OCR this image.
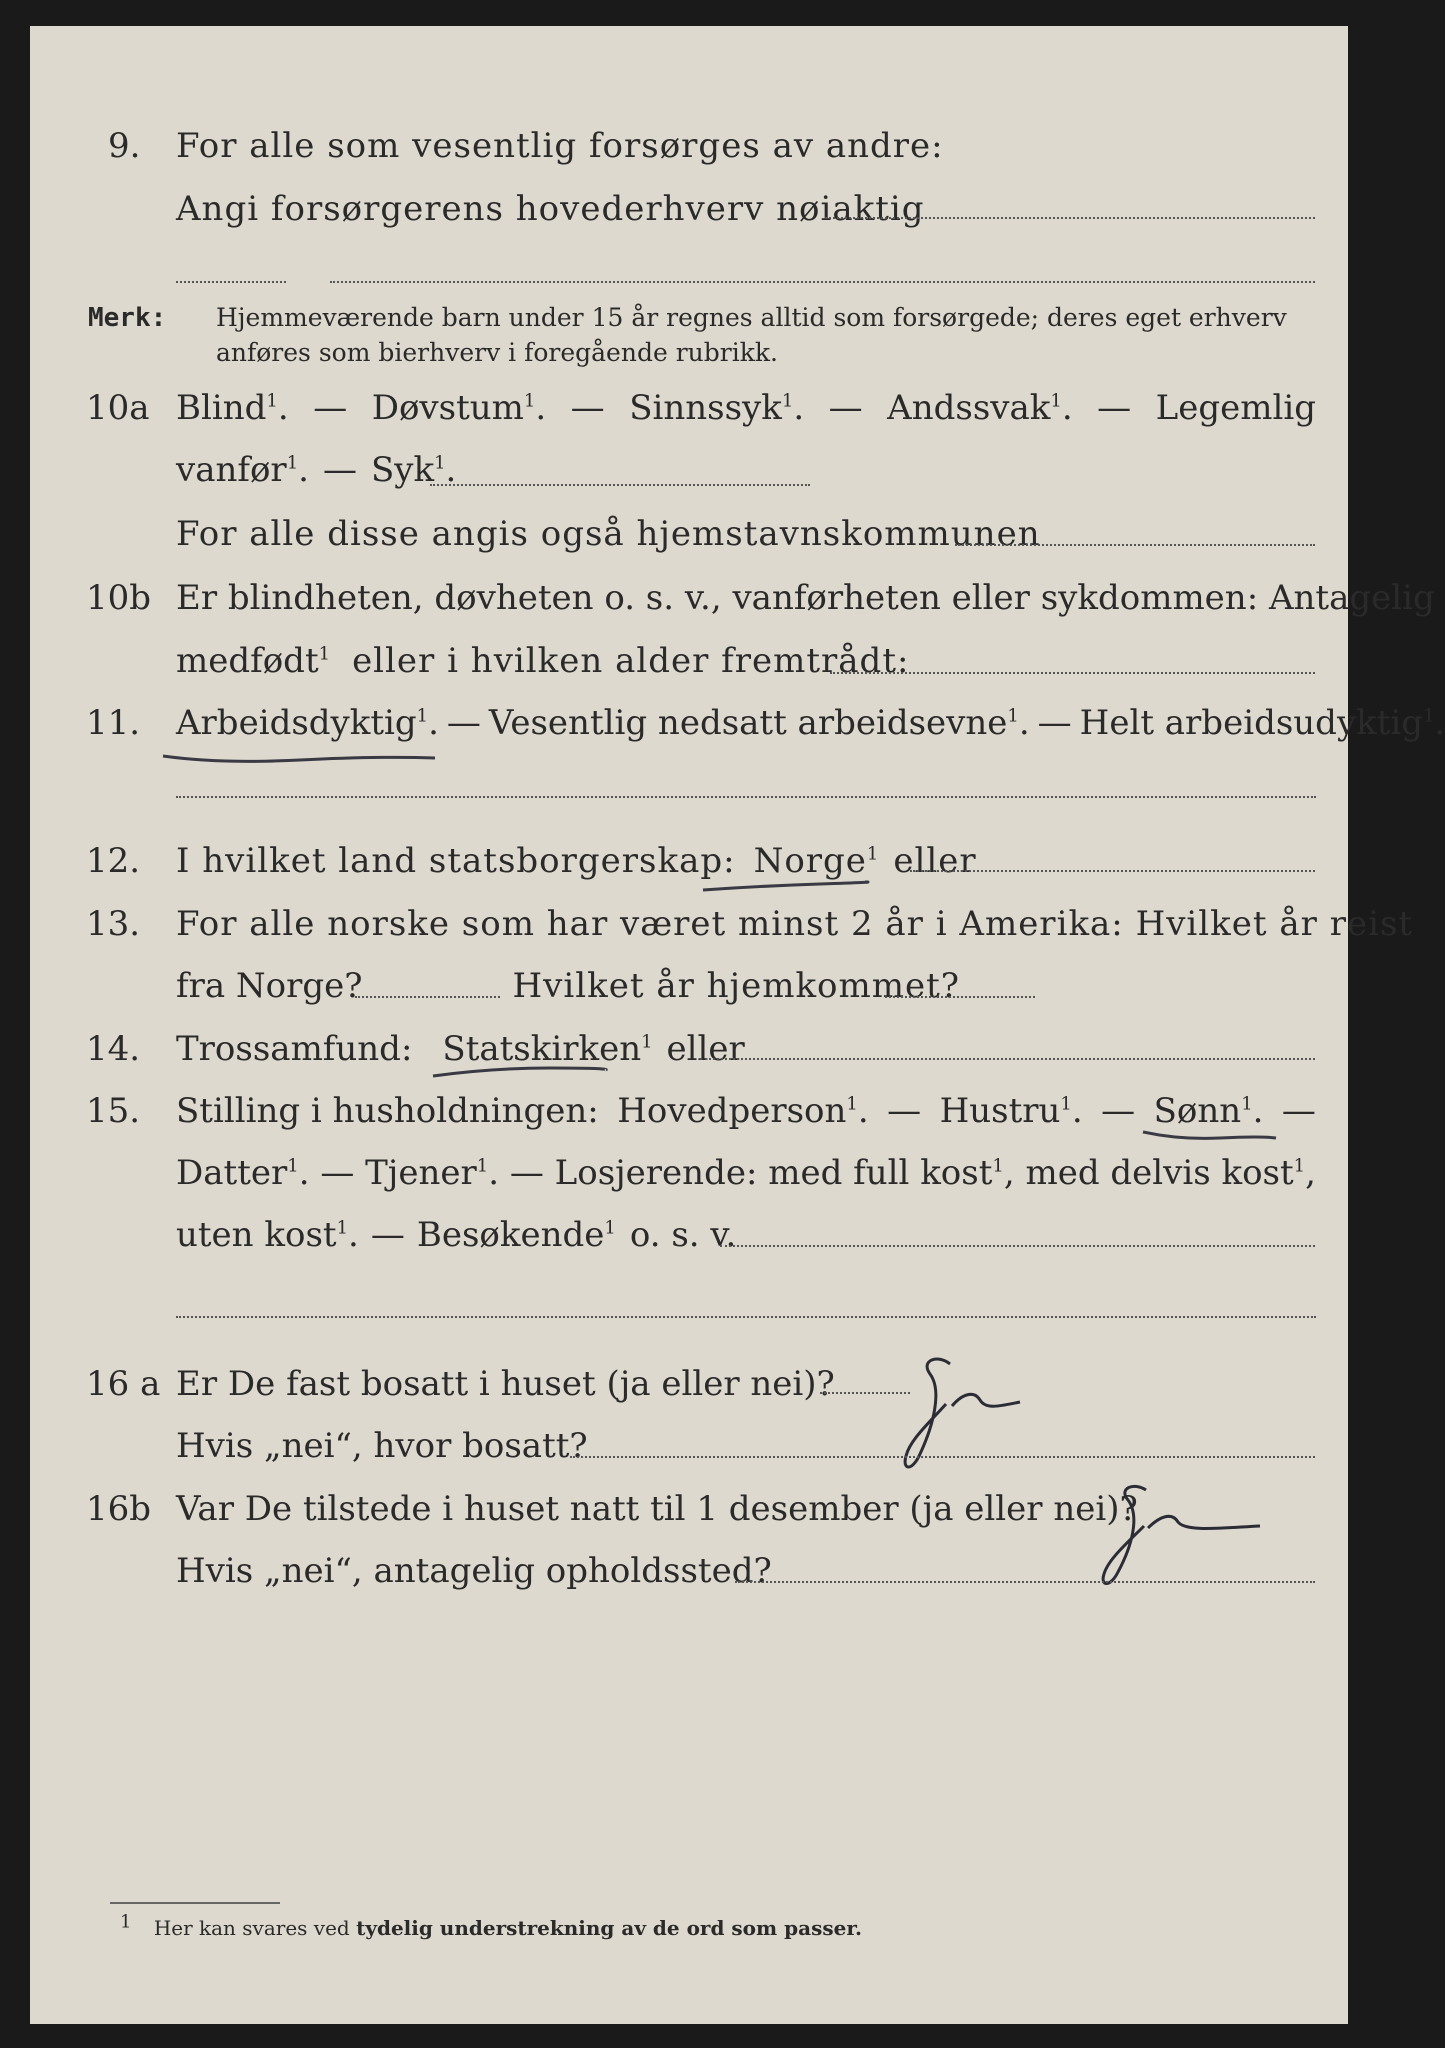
9. For alle som vesentlig forsørges av andre:
Angi forsørgerens hovederhverv nøiaktig
Merk: Hjemmeværende barn under 15 år regnes alltid som forsørgede; deres eget erhverv
anføres som bierhverv i foregående rubrikk.
10a Blind$^1$. — Døvstum$^1$. — Sinnssyk$^1$. — Andssvak$^1$. — Legemlig
vanfør$^1$. — Syk$^1$.
For alle disse angis også hjemstavnskommunen
10b Er blindheten, døvheten o. s. v., vanførheten eller sykdommen: Antagelig
medfødt$^1$ eller i hvilken alder fremtrådt:
11. Arbeidsdyktig$^1$. — Vesentlig nedsatt arbeidsevne$^1$. — Helt arbeidsudyktig$^1$.
12. I hvilket land statsborgerskap: Norge$^1$ eller
13. For alle norske som har været minst 2 år i Amerika: Hvilket år reist
fra Norge?	Hvilket år hjemkommet?
14. Trossamfund: Statskirken$^1$ eller
15. Stilling i husholdningen: Hovedperson$^1$. — Hustru$^1$. — Sønn$^1$. —
Datter$^1$. — Tjener$^1$. — Losjerende: med full kost$^1$, med delvis kost$^1$,
uten kost$^1$. — Besøkende$^1$ o. s. v.
16 a Er De fast bosatt i huset (ja eller nei)?
Hvis „nei“, hvor bosatt?
16b Var De tilstede i huset natt til 1 desember (ja eller nei)?
Hvis „nei“, antagelig opholdssted?
1 Her kan svares ved tydelig understrekning av de ord som passer.
